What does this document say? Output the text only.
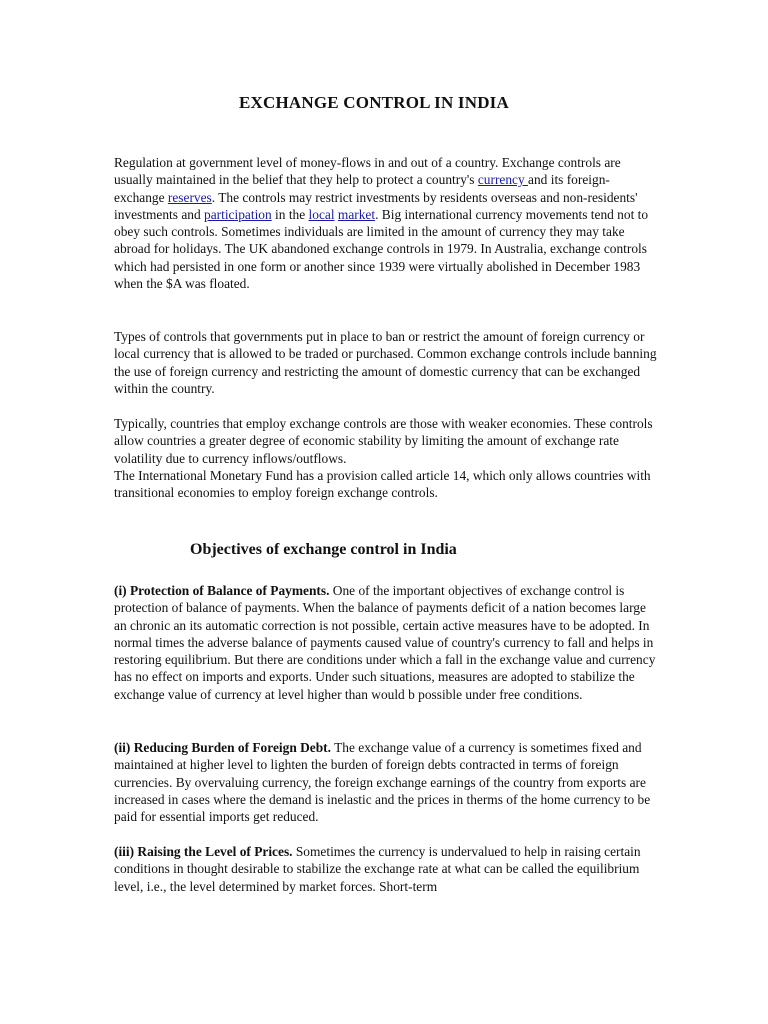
EXCHANGE CONTROL IN INDIA

Regulation at government level of money-flows in and out of a country. Exchange controls are usually maintained in the belief that they help to protect a country's currency and its foreign-exchange reserves. The controls may restrict investments by residents overseas and non-residents' investments and participation in the local market. Big international currency movements tend not to obey such controls. Sometimes individuals are limited in the amount of currency they may take abroad for holidays. The UK abandoned exchange controls in 1979. In Australia, exchange controls which had persisted in one form or another since 1939 were virtually abolished in December 1983 when the $A was floated.

Types of controls that governments put in place to ban or restrict the amount of foreign currency or local currency that is allowed to be traded or purchased. Common exchange controls include banning the use of foreign currency and restricting the amount of domestic currency that can be exchanged within the country.

Typically, countries that employ exchange controls are those with weaker economies. These controls allow countries a greater degree of economic stability by limiting the amount of exchange rate volatility due to currency inflows/outflows.

The International Monetary Fund has a provision called article 14, which only allows countries with transitional economies to employ foreign exchange controls.

Objectives of exchange control in India

(i) Protection of Balance of Payments. One of the important objectives of exchange control is protection of balance of payments. When the balance of payments deficit of a nation becomes large an chronic an its automatic correction is not possible, certain active measures have to be adopted. In normal times the adverse balance of payments caused value of country's currency to fall and helps in restoring equilibrium. But there are conditions under which a fall in the exchange value and currency has no effect on imports and exports. Under such situations, measures are adopted to stabilize the exchange value of currency at level higher than would b possible under free conditions.

(ii) Reducing Burden of Foreign Debt. The exchange value of a currency is sometimes fixed and maintained at higher level to lighten the burden of foreign debts contracted in terms of foreign currencies. By overvaluing currency, the foreign exchange earnings of the country from exports are increased in cases where the demand is inelastic and the prices in therms of the home currency to be paid for essential imports get reduced.

(iii) Raising the Level of Prices. Sometimes the currency is undervalued to help in raising certain conditions in thought desirable to stabilize the exchange rate at what can be called the equilibrium level, i.e., the level determined by market forces. Short-term
